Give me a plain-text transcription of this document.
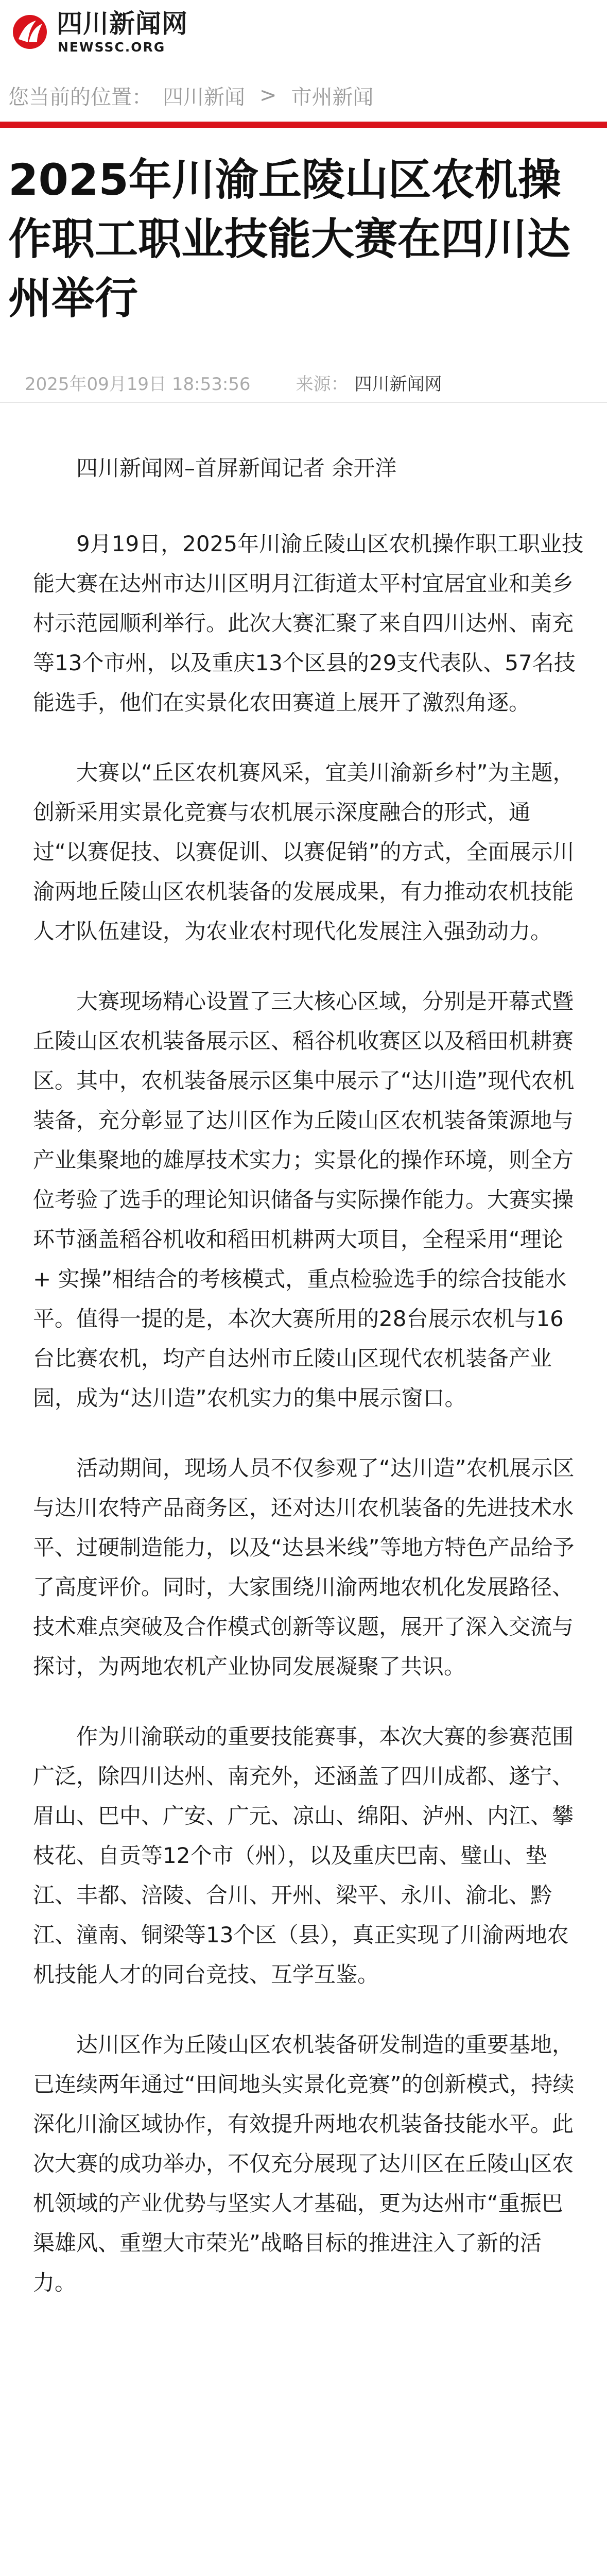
四川新闻网
NEWSSC.ORG
您当前的位置： 四川新闻 > 市州新闻
2025年川渝丘陵山区农机操作职工职业技能大赛在四川达州举行
2025年09月19日 18:53:56	来源： 四川新闻网

四川新闻网–首屏新闻记者 余开洋

9月19日，2025年川渝丘陵山区农机操作职工职业技能大赛在达州市达川区明月江街道太平村宜居宜业和美乡村示范园顺利举行。此次大赛汇聚了来自四川达州、南充等13个市州，以及重庆13个区县的29支代表队、57名技能选手，他们在实景化农田赛道上展开了激烈角逐。

大赛以“丘区农机赛风采，宜美川渝新乡村”为主题，创新采用实景化竞赛与农机展示深度融合的形式，通过“以赛促技、以赛促训、以赛促销”的方式，全面展示川渝两地丘陵山区农机装备的发展成果，有力推动农机技能人才队伍建设，为农业农村现代化发展注入强劲动力。

大赛现场精心设置了三大核心区域，分别是开幕式暨丘陵山区农机装备展示区、稻谷机收赛区以及稻田机耕赛区。其中，农机装备展示区集中展示了“达川造”现代农机装备，充分彰显了达川区作为丘陵山区农机装备策源地与产业集聚地的雄厚技术实力；实景化的操作环境，则全方位考验了选手的理论知识储备与实际操作能力。大赛实操环节涵盖稻谷机收和稻田机耕两大项目，全程采用“理论 + 实操”相结合的考核模式，重点检验选手的综合技能水平。值得一提的是，本次大赛所用的28台展示农机与16台比赛农机，均产自达州市丘陵山区现代农机装备产业园，成为“达川造”农机实力的集中展示窗口。

活动期间，现场人员不仅参观了“达川造”农机展示区与达川农特产品商务区，还对达川农机装备的先进技术水平、过硬制造能力，以及“达县米线”等地方特色产品给予了高度评价。同时，大家围绕川渝两地农机化发展路径、技术难点突破及合作模式创新等议题，展开了深入交流与探讨，为两地农机产业协同发展凝聚了共识。

作为川渝联动的重要技能赛事，本次大赛的参赛范围广泛，除四川达州、南充外，还涵盖了四川成都、遂宁、眉山、巴中、广安、广元、凉山、绵阳、泸州、内江、攀枝花、自贡等12个市（州），以及重庆巴南、璧山、垫江、丰都、涪陵、合川、开州、梁平、永川、渝北、黔江、潼南、铜梁等13个区（县），真正实现了川渝两地农机技能人才的同台竞技、互学互鉴。

达川区作为丘陵山区农机装备研发制造的重要基地，已连续两年通过“田间地头实景化竞赛”的创新模式，持续深化川渝区域协作，有效提升两地农机装备技能水平。此次大赛的成功举办，不仅充分展现了达川区在丘陵山区农机领域的产业优势与坚实人才基础，更为达州市“重振巴渠雄风、重塑大市荣光”战略目标的推进注入了新的活力。
